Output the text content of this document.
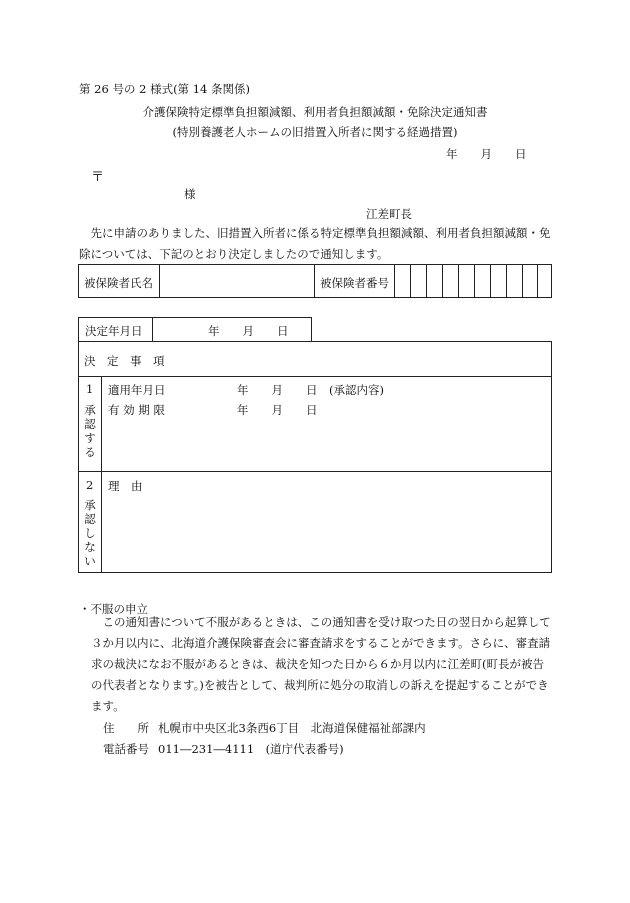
第 26 号の 2 様式(第 14 条関係)
介護保険特定標準負担額減額、利用者負担額減額・免除決定通知書
(特別養護老人ホームの旧措置入所者に関する経過措置)
年　　月　　日
〒
様
江差町長
先に申請のありました、旧措置入所者に係る特定標準負担額減額、利用者負担額減額・免除については、下記のとおり決定しましたので通知します。
被保険者氏名	被保険者番号
決定年月日	年　　月　　日
決　定　事　項
1
承認する
適用年月日	年　　月　　日 (承認内容)
有 効 期 限	年　　月　　日
2
承認しない
理　由
・不服の申立
この通知書について不服があるときは、この通知書を受け取つた日の翌日から起算して３か月以内に、北海道介護保険審査会に審査請求をすることができます。さらに、審査請求の裁決になお不服があるときは、裁決を知つた日から６か月以内に江差町(町長が被告の代表者となります。)を被告として、裁判所に処分の取消しの訴えを提起することができます。
住　　所 札幌市中央区北3条西6丁目　北海道保健福祉部課内
電話番号 011―231―4111　(道庁代表番号)
